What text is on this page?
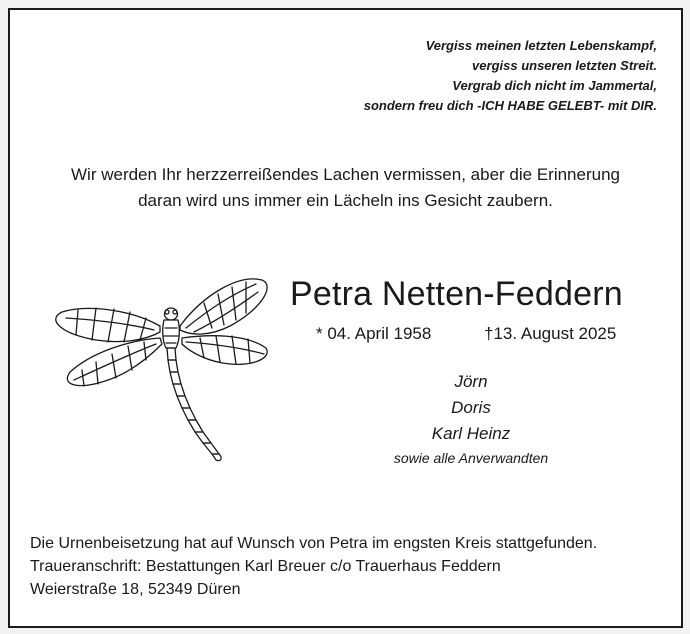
Vergiss meinen letzten Lebenskampf,
vergiss unseren letzten Streit.
Vergrab dich nicht im Jammertal,
sondern freu dich -ICH HABE GELEBT- mit DIR.
Wir werden Ihr herzzerreißendes Lachen vermissen, aber die Erinnerung
daran wird uns immer ein Lächeln ins Gesicht zaubern.
Petra Netten-Feddern
* 04. April 1958	†13. August 2025
Jörn
Doris
Karl Heinz
sowie alle Anverwandten
Die Urnenbeisetzung hat auf Wunsch von Petra im engsten Kreis stattgefunden.
Traueranschrift: Bestattungen Karl Breuer c/o Trauerhaus Feddern
Weierstraße 18, 52349 Düren
